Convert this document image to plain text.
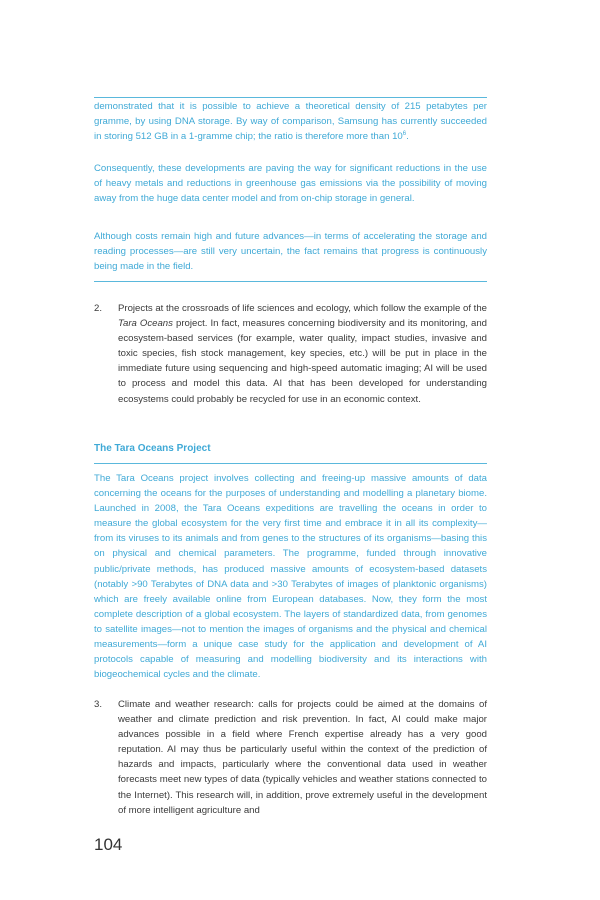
demonstrated that it is possible to achieve a theoretical density of 215 petabytes per gramme, by using DNA storage. By way of comparison, Samsung has currently succeeded in storing 512 GB in a 1-gramme chip; the ratio is therefore more than $10^6$.

Consequently, these developments are paving the way for significant reductions in the use of heavy metals and reductions in greenhouse gas emissions via the possibility of moving away from the huge data center model and from on-chip storage in general.

Although costs remain high and future advances—in terms of accelerating the storage and reading processes—are still very uncertain, the fact remains that progress is continuously being made in the field.

2. Projects at the crossroads of life sciences and ecology, which follow the example of the Tara Oceans project. In fact, measures concerning biodiversity and its monitoring, and ecosystem-based services (for example, water quality, impact studies, invasive and toxic species, fish stock management, key species, etc.) will be put in place in the immediate future using sequencing and high-speed automatic imaging; AI will be used to process and model this data. AI that has been developed for understanding ecosystems could probably be recycled for use in an economic context.

The Tara Oceans Project

The Tara Oceans project involves collecting and freeing-up massive amounts of data concerning the oceans for the purposes of understanding and modelling a planetary biome. Launched in 2008, the Tara Oceans expeditions are travelling the oceans in order to measure the global ecosystem for the very first time and embrace it in all its complexity—from its viruses to its animals and from genes to the structures of its organisms—basing this on physical and chemical parameters. The programme, funded through innovative public/private methods, has produced massive amounts of ecosystem-based datasets (notably >90 Terabytes of DNA data and >30 Terabytes of images of planktonic organisms) which are freely available online from European databases. Now, they form the most complete description of a global ecosystem. The layers of standardized data, from genomes to satellite images—not to mention the images of organisms and the physical and chemical measurements—form a unique case study for the application and development of AI protocols capable of measuring and modelling biodiversity and its interactions with biogeochemical cycles and the climate.

3. Climate and weather research: calls for projects could be aimed at the domains of weather and climate prediction and risk prevention. In fact, AI could make major advances possible in a field where French expertise already has a very good reputation. AI may thus be particularly useful within the context of the prediction of hazards and impacts, particularly where the conventional data used in weather forecasts meet new types of data (typically vehicles and weather stations connected to the Internet). This research will, in addition, prove extremely useful in the development of more intelligent agriculture and

104
